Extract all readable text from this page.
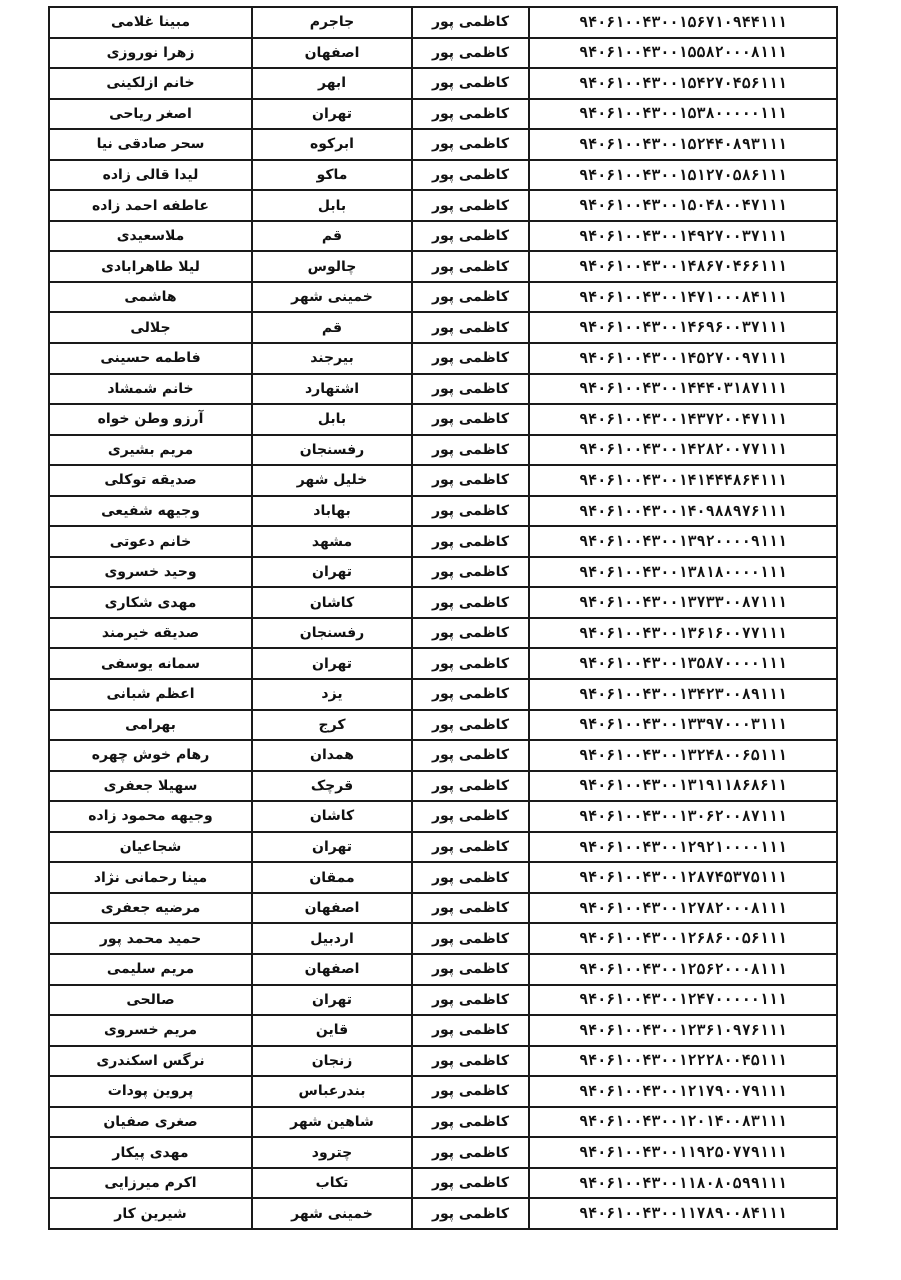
مبینا غلامی	جاجرم	کاظمی پور	۹۴۰۶۱۰۰۴۳۰۰۱۵۶۷۱۰۹۴۴۱۱۱
زهرا نوروزی	اصفهان	کاظمی پور	۹۴۰۶۱۰۰۴۳۰۰۱۵۵۸۲۰۰۰۸۱۱۱
خانم ازلکینی	ابهر	کاظمی پور	۹۴۰۶۱۰۰۴۳۰۰۱۵۴۲۷۰۴۵۶۱۱۱
اصغر ریاحی	تهران	کاظمی پور	۹۴۰۶۱۰۰۴۳۰۰۱۵۳۸۰۰۰۰۰۱۱۱
سحر صادقی نیا	ابرکوه	کاظمی پور	۹۴۰۶۱۰۰۴۳۰۰۱۵۲۴۴۰۸۹۳۱۱۱
لیدا قالی زاده	ماکو	کاظمی پور	۹۴۰۶۱۰۰۴۳۰۰۱۵۱۲۷۰۵۸۶۱۱۱
عاطفه احمد زاده	بابل	کاظمی پور	۹۴۰۶۱۰۰۴۳۰۰۱۵۰۴۸۰۰۴۷۱۱۱
ملاسعیدی	قم	کاظمی پور	۹۴۰۶۱۰۰۴۳۰۰۱۴۹۲۷۰۰۳۷۱۱۱
لیلا طاهرابادی	چالوس	کاظمی پور	۹۴۰۶۱۰۰۴۳۰۰۱۴۸۶۷۰۴۶۶۱۱۱
هاشمی	خمینی شهر	کاظمی پور	۹۴۰۶۱۰۰۴۳۰۰۱۴۷۱۰۰۰۸۴۱۱۱
جلالی	قم	کاظمی پور	۹۴۰۶۱۰۰۴۳۰۰۱۴۶۹۶۰۰۳۷۱۱۱
فاطمه حسینی	بیرجند	کاظمی پور	۹۴۰۶۱۰۰۴۳۰۰۱۴۵۲۷۰۰۹۷۱۱۱
خانم شمشاد	اشتهارد	کاظمی پور	۹۴۰۶۱۰۰۴۳۰۰۱۴۴۴۰۳۱۸۷۱۱۱
آرزو وطن خواه	بابل	کاظمی پور	۹۴۰۶۱۰۰۴۳۰۰۱۴۳۷۲۰۰۴۷۱۱۱
مریم بشیری	رفسنجان	کاظمی پور	۹۴۰۶۱۰۰۴۳۰۰۱۴۲۸۲۰۰۷۷۱۱۱
صدیقه توکلی	خلیل شهر	کاظمی پور	۹۴۰۶۱۰۰۴۳۰۰۱۴۱۴۴۴۸۶۴۱۱۱
وجیهه شفیعی	بهاباد	کاظمی پور	۹۴۰۶۱۰۰۴۳۰۰۱۴۰۹۸۸۹۷۶۱۱۱
خانم دعوتی	مشهد	کاظمی پور	۹۴۰۶۱۰۰۴۳۰۰۱۳۹۲۰۰۰۰۹۱۱۱
وحید خسروی	تهران	کاظمی پور	۹۴۰۶۱۰۰۴۳۰۰۱۳۸۱۸۰۰۰۰۱۱۱
مهدی شکاری	کاشان	کاظمی پور	۹۴۰۶۱۰۰۴۳۰۰۱۳۷۳۳۰۰۸۷۱۱۱
صدیقه خیرمند	رفسنجان	کاظمی پور	۹۴۰۶۱۰۰۴۳۰۰۱۳۶۱۶۰۰۷۷۱۱۱
سمانه یوسفی	تهران	کاظمی پور	۹۴۰۶۱۰۰۴۳۰۰۱۳۵۸۷۰۰۰۰۱۱۱
اعظم شبانی	یزد	کاظمی پور	۹۴۰۶۱۰۰۴۳۰۰۱۳۴۲۳۰۰۸۹۱۱۱
بهرامی	کرج	کاظمی پور	۹۴۰۶۱۰۰۴۳۰۰۱۳۳۹۷۰۰۰۳۱۱۱
رهام خوش چهره	همدان	کاظمی پور	۹۴۰۶۱۰۰۴۳۰۰۱۳۲۴۸۰۰۶۵۱۱۱
سهیلا جعفری	قرچک	کاظمی پور	۹۴۰۶۱۰۰۴۳۰۰۱۳۱۹۱۱۸۶۸۶۱۱
وجیهه محمود زاده	کاشان	کاظمی پور	۹۴۰۶۱۰۰۴۳۰۰۱۳۰۶۲۰۰۸۷۱۱۱
شجاعیان	تهران	کاظمی پور	۹۴۰۶۱۰۰۴۳۰۰۱۲۹۲۱۰۰۰۰۱۱۱
مینا رحمانی نژاد	ممقان	کاظمی پور	۹۴۰۶۱۰۰۴۳۰۰۱۲۸۷۴۵۳۷۵۱۱۱
مرضیه جعفری	اصفهان	کاظمی پور	۹۴۰۶۱۰۰۴۳۰۰۱۲۷۸۲۰۰۰۸۱۱۱
حمید محمد پور	اردبیل	کاظمی پور	۹۴۰۶۱۰۰۴۳۰۰۱۲۶۸۶۰۰۵۶۱۱۱
مریم سلیمی	اصفهان	کاظمی پور	۹۴۰۶۱۰۰۴۳۰۰۱۲۵۶۲۰۰۰۸۱۱۱
صالحی	تهران	کاظمی پور	۹۴۰۶۱۰۰۴۳۰۰۱۲۴۷۰۰۰۰۰۱۱۱
مریم خسروی	قاین	کاظمی پور	۹۴۰۶۱۰۰۴۳۰۰۱۲۳۶۱۰۹۷۶۱۱۱
نرگس اسکندری	زنجان	کاظمی پور	۹۴۰۶۱۰۰۴۳۰۰۱۲۲۲۸۰۰۴۵۱۱۱
پروین پودات	بندرعباس	کاظمی پور	۹۴۰۶۱۰۰۴۳۰۰۱۲۱۷۹۰۰۷۹۱۱۱
صغری صفیان	شاهین شهر	کاظمی پور	۹۴۰۶۱۰۰۴۳۰۰۱۲۰۱۴۰۰۸۳۱۱۱
مهدی پیکار	چترود	کاظمی پور	۹۴۰۶۱۰۰۴۳۰۰۱۱۹۲۵۰۷۷۹۱۱۱
اکرم میرزایی	تکاب	کاظمی پور	۹۴۰۶۱۰۰۴۳۰۰۱۱۸۰۸۰۵۹۹۱۱۱
شیرین کار	خمینی شهر	کاظمی پور	۹۴۰۶۱۰۰۴۳۰۰۱۱۷۸۹۰۰۸۴۱۱۱
